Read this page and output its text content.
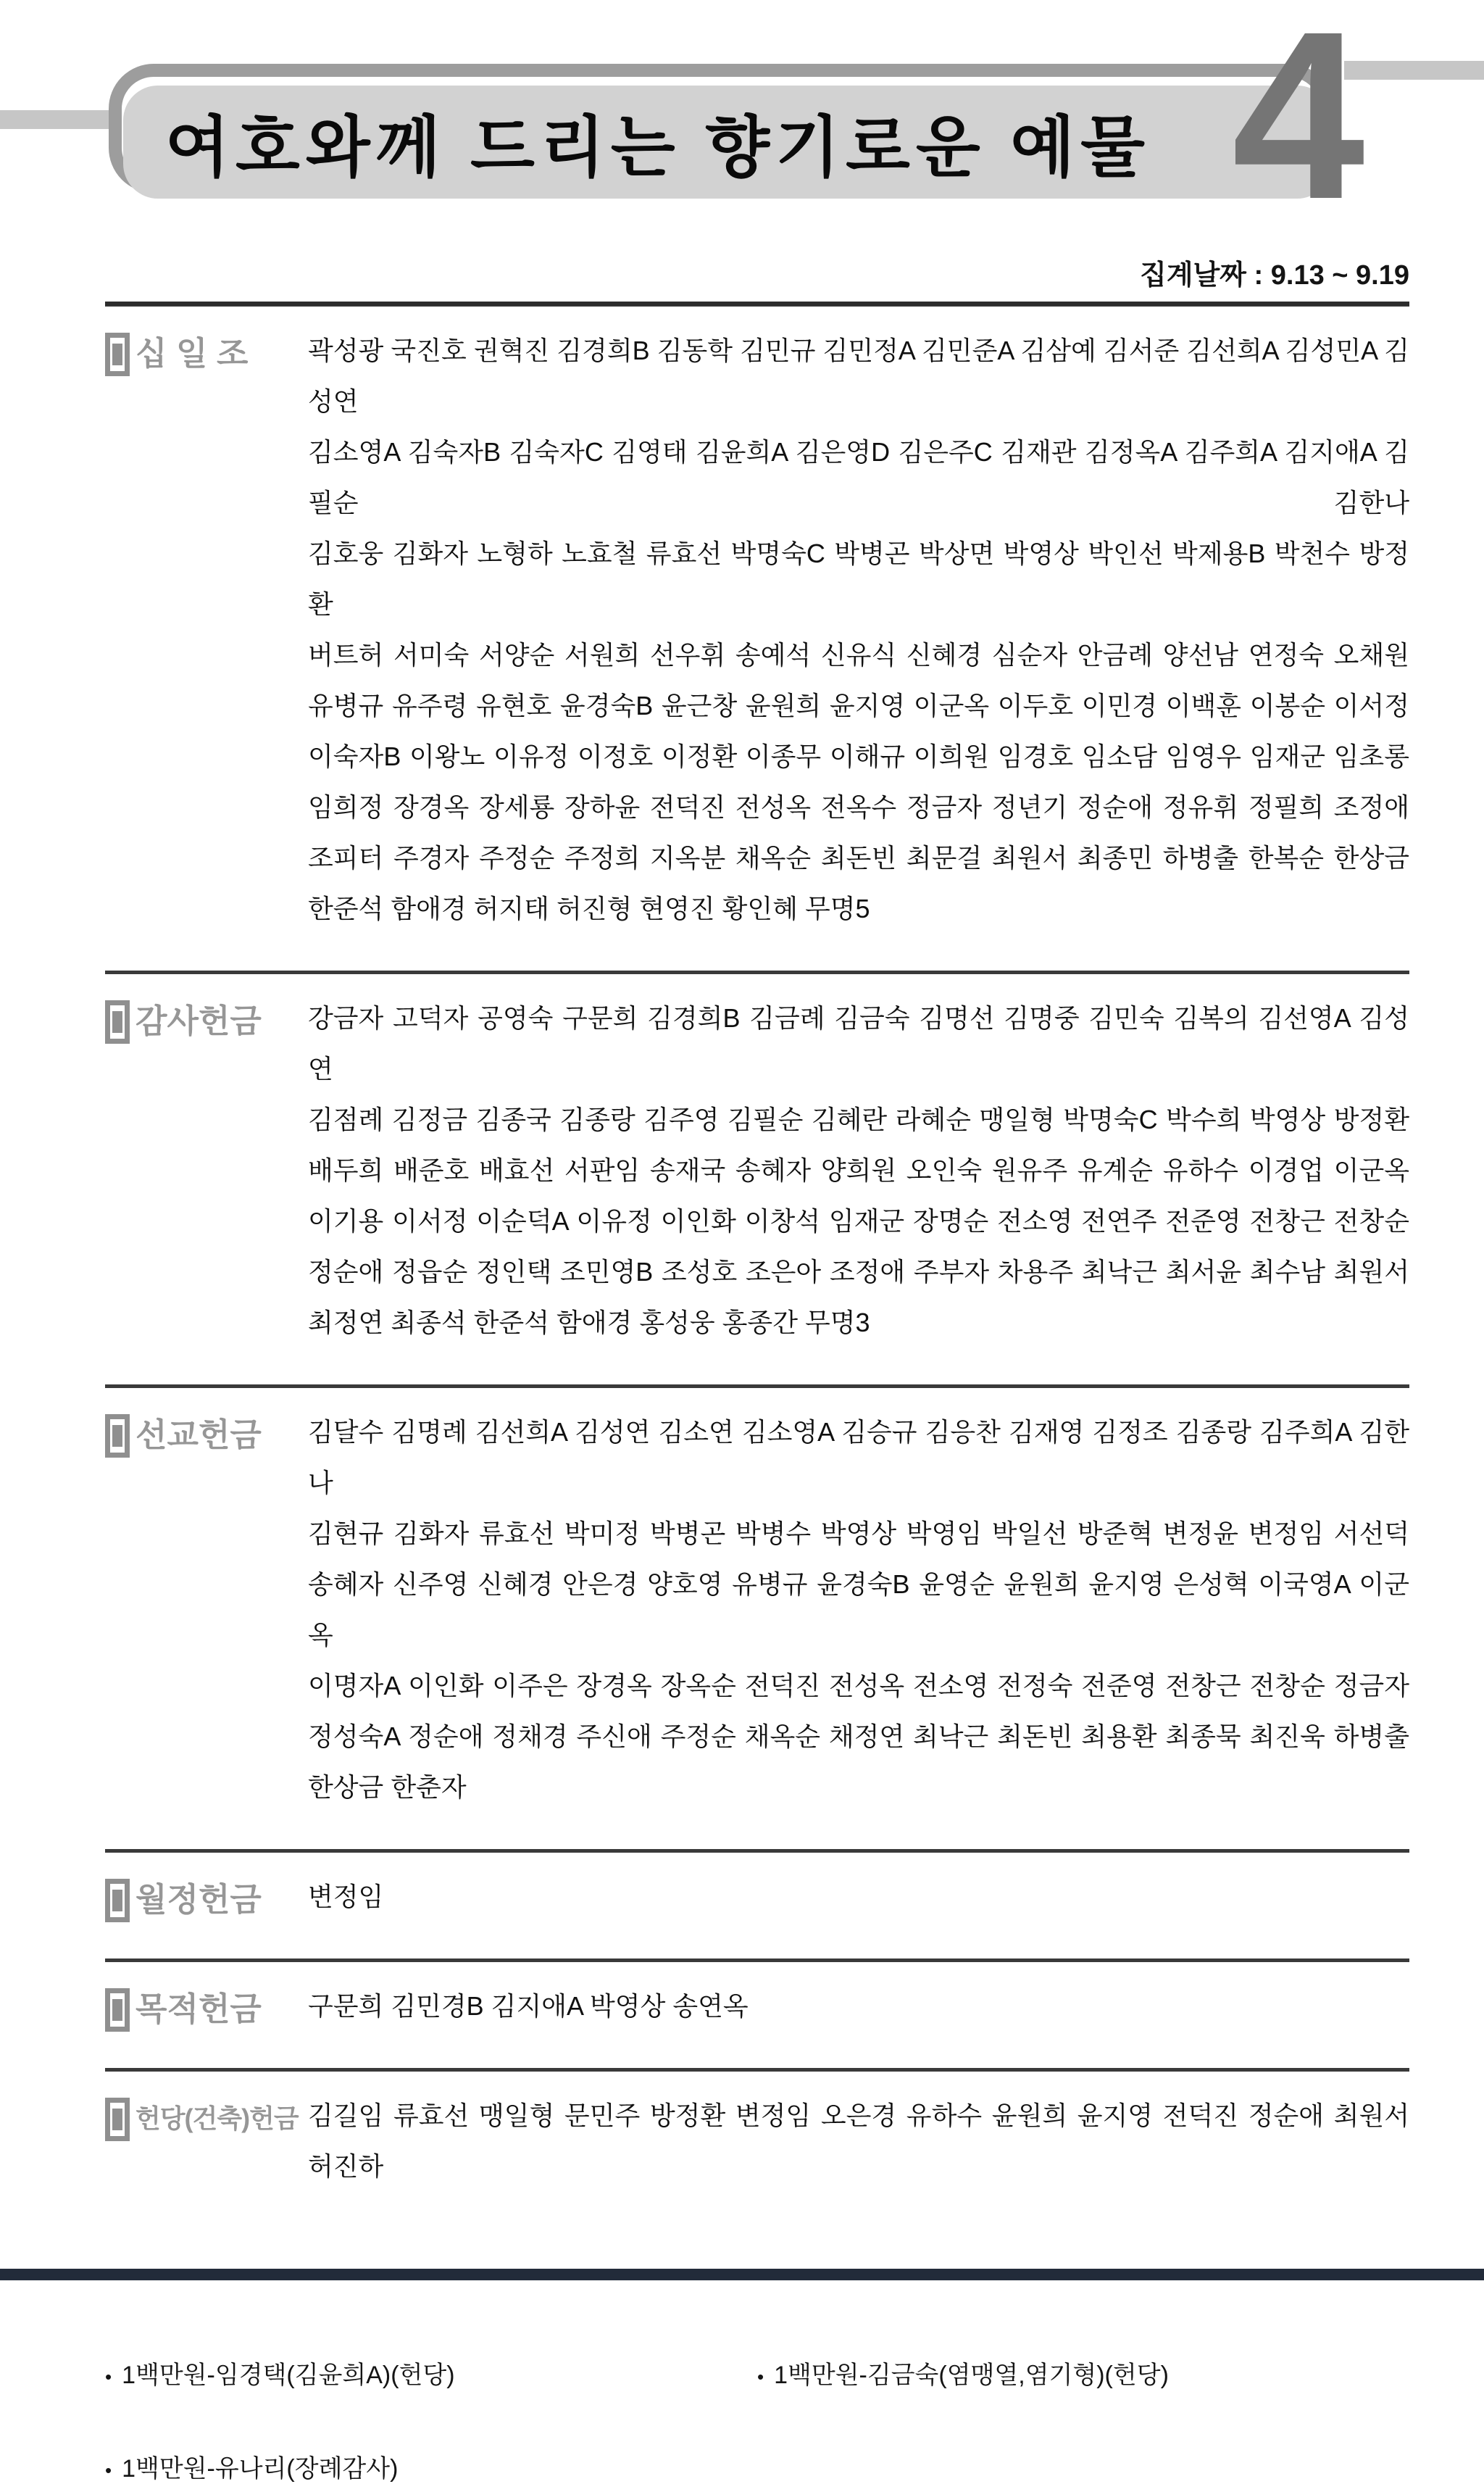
여호와께 드리는 향기로운 예물 4
집계날짜 : 9.13 ~ 9.19
십 일 조 곽성광 국진호 권혁진 김경희B 김동학 김민규 김민정A 김민준A 김삼예 김서준 김선희A 김성민A 김성연
김소영A 김숙자B 김숙자C 김영태 김윤희A 김은영D 김은주C 김재관 김정옥A 김주희A 김지애A 김필순 김한나
김호웅 김화자 노형하 노효철 류효선 박명숙C 박병곤 박상면 박영상 박인선 박제용B 박천수 방정환
버트허 서미숙 서양순 서원희 선우휘 송예석 신유식 신혜경 심순자 안금례 양선남 연정숙 오채원
유병규 유주령 유현호 윤경숙B 윤근창 윤원희 윤지영 이군옥 이두호 이민경 이백훈 이봉순 이서정
이숙자B 이왕노 이유정 이정호 이정환 이종무 이해규 이희원 임경호 임소담 임영우 임재군 임초롱
임희정 장경옥 장세룡 장하윤 전덕진 전성옥 전옥수 정금자 정년기 정순애 정유휘 정필희 조정애
조피터 주경자 주정순 주정희 지옥분 채옥순 최돈빈 최문걸 최원서 최종민 하병출 한복순 한상금
한준석 함애경 허지태 허진형 현영진 황인혜 무명5
감사헌금 강금자 고덕자 공영숙 구문희 김경희B 김금례 김금숙 김명선 김명중 김민숙 김복의 김선영A 김성연
김점례 김정금 김종국 김종랑 김주영 김필순 김혜란 라혜순 맹일형 박명숙C 박수희 박영상 방정환
배두희 배준호 배효선 서판임 송재국 송혜자 양희원 오인숙 원유주 유계순 유하수 이경업 이군옥
이기용 이서정 이순덕A 이유정 이인화 이창석 임재군 장명순 전소영 전연주 전준영 전창근 전창순
정순애 정읍순 정인택 조민영B 조성호 조은아 조정애 주부자 차용주 최낙근 최서윤 최수남 최원서
최정연 최종석 한준석 함애경 홍성웅 홍종간 무명3
선교헌금 김달수 김명례 김선희A 김성연 김소연 김소영A 김승규 김응찬 김재영 김정조 김종랑 김주희A 김한나
김현규 김화자 류효선 박미정 박병곤 박병수 박영상 박영임 박일선 방준혁 변정윤 변정임 서선덕
송혜자 신주영 신혜경 안은경 양호영 유병규 윤경숙B 윤영순 윤원희 윤지영 은성혁 이국영A 이군옥
이명자A 이인화 이주은 장경옥 장옥순 전덕진 전성옥 전소영 전정숙 전준영 전창근 전창순 정금자
정성숙A 정순애 정채경 주신애 주정순 채옥순 채정연 최낙근 최돈빈 최용환 최종묵 최진욱 하병출
한상금 한춘자
월정헌금 변정임
목적헌금 구문희 김민경B 김지애A 박영상 송연옥
헌당(건축)헌금 김길임 류효선 맹일형 문민주 방정환 변정임 오은경 유하수 윤원희 윤지영 전덕진 정순애 최원서
허진하
• 1백만원-임경택(김윤희A)(헌당)	• 1백만원-김금숙(염맹열,염기형)(헌당)
• 1백만원-유나리(장례감사)
